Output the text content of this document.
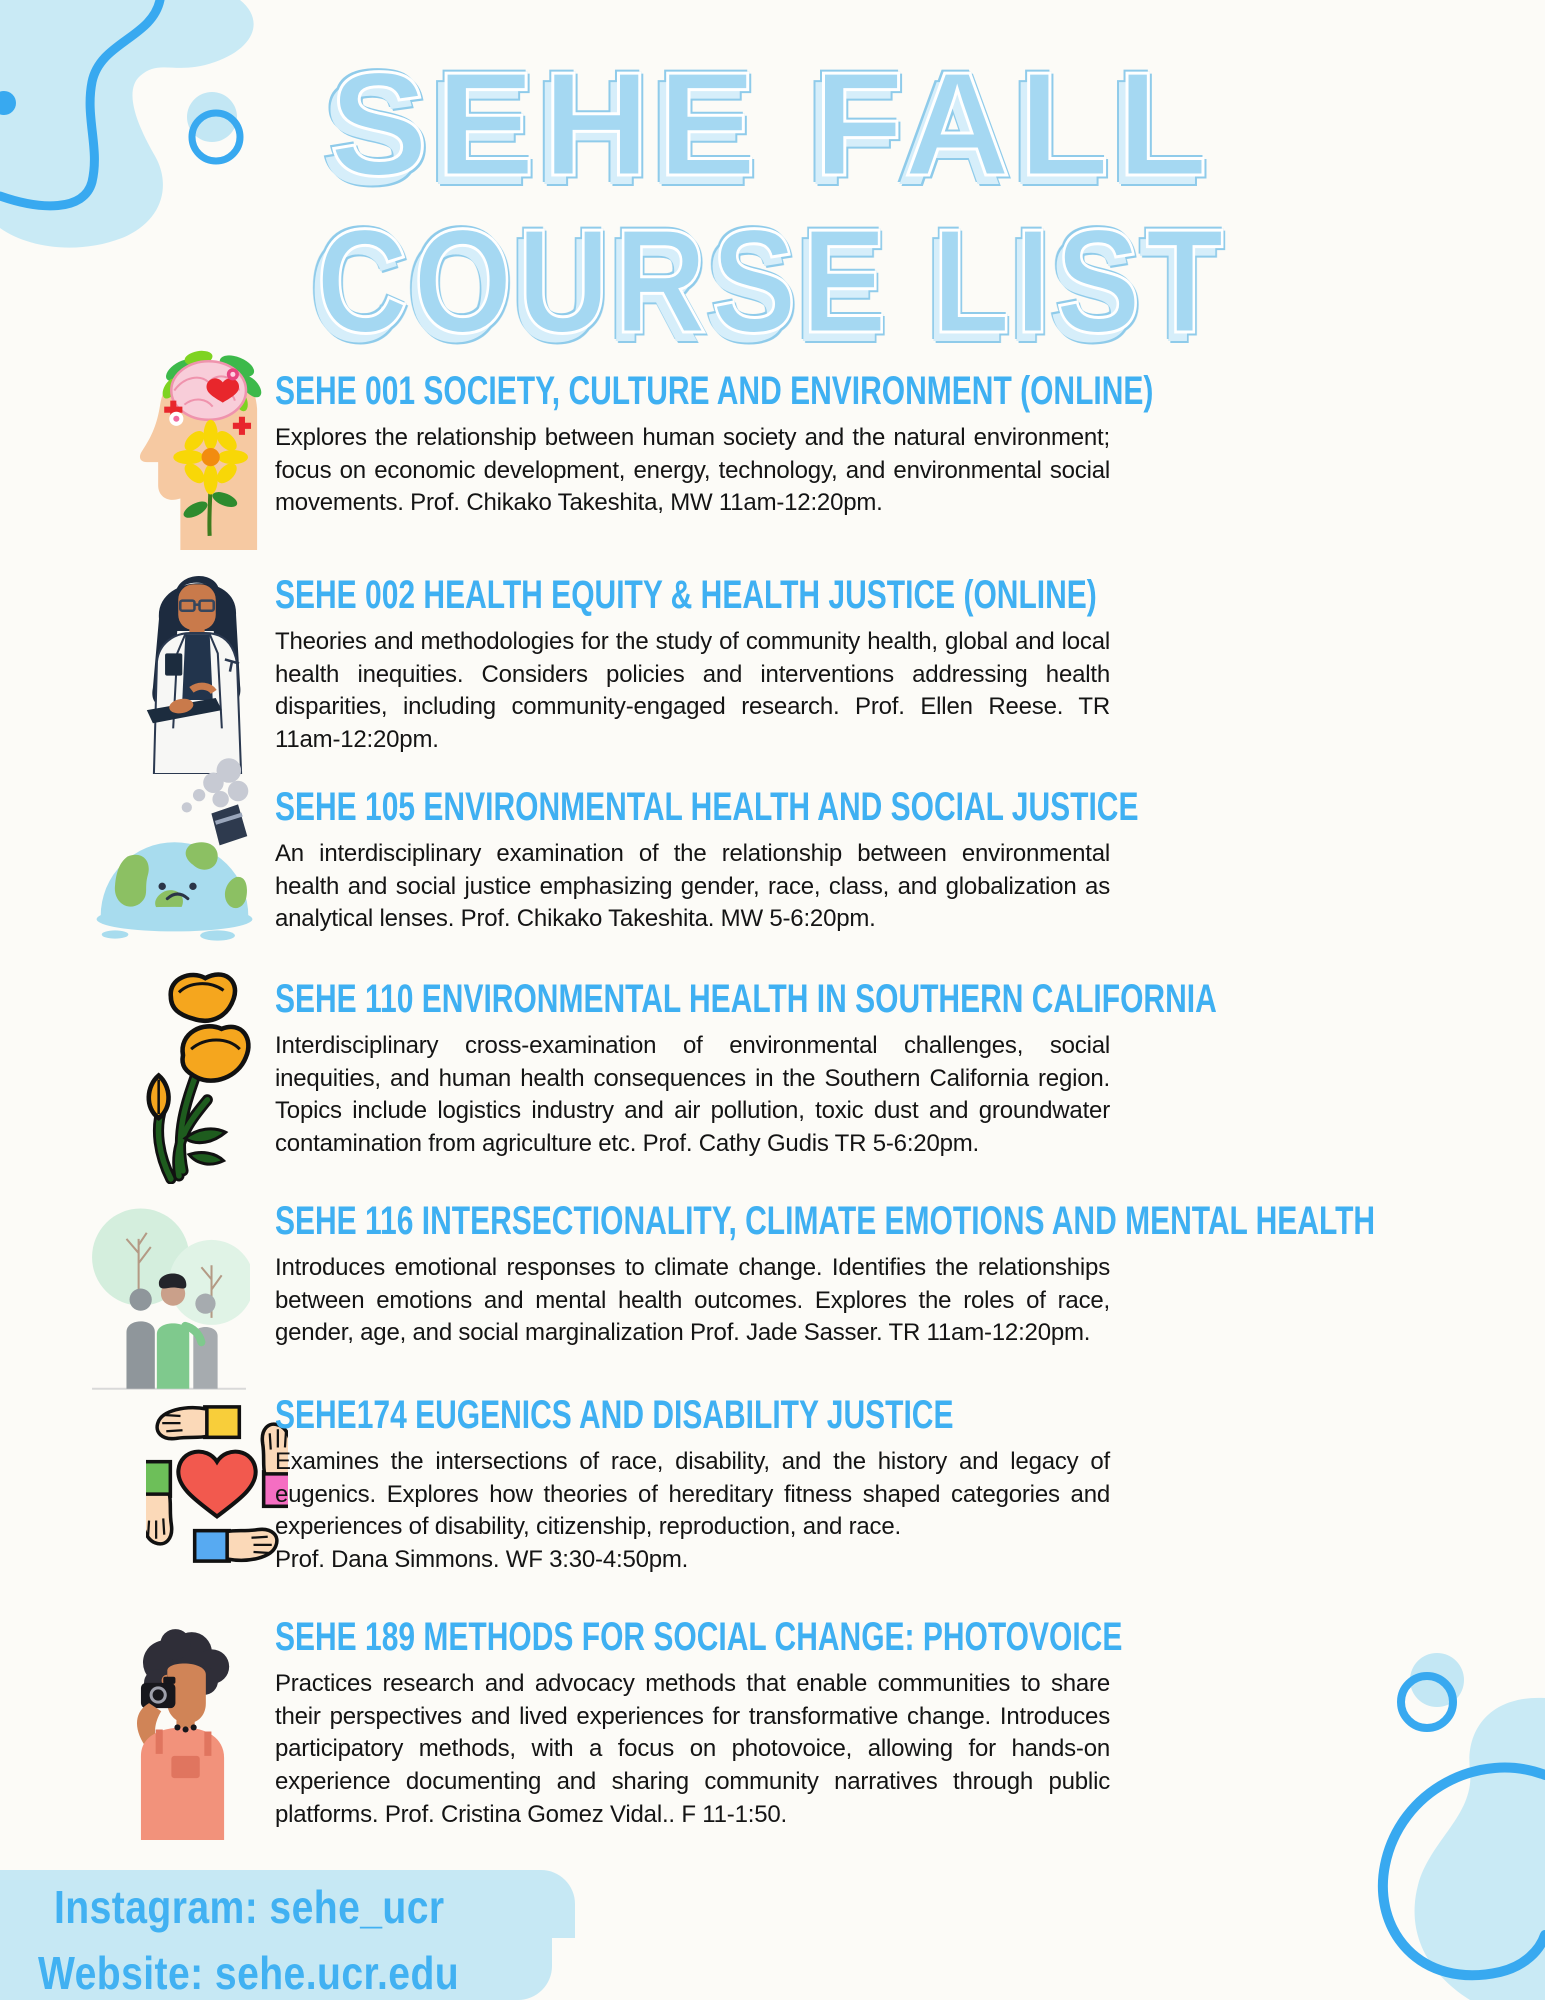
SEHE FALL
COURSE LIST
SEHE 001 SOCIETY, CULTURE AND ENVIRONMENT (ONLINE)

Explores the relationship between human society and the natural environment; focus on economic development, energy, technology, and environmental social movements. Prof. Chikako Takeshita, MW 11am-12:20pm.

SEHE 002 HEALTH EQUITY & HEALTH JUSTICE (ONLINE)

Theories and methodologies for the study of community health, global and local health inequities. Considers policies and interventions addressing health disparities, including community-engaged research. Prof. Ellen Reese. TR 11am-12:20pm.

SEHE 105 ENVIRONMENTAL HEALTH AND SOCIAL JUSTICE

An interdisciplinary examination of the relationship between environmental health and social justice emphasizing gender, race, class, and globalization as analytical lenses. Prof. Chikako Takeshita. MW 5-6:20pm.

SEHE 110 ENVIRONMENTAL HEALTH IN SOUTHERN CALIFORNIA

Interdisciplinary cross-examination of environmental challenges, social inequities, and human health consequences in the Southern California region. Topics include logistics industry and air pollution, toxic dust and groundwater contamination from agriculture etc. Prof. Cathy Gudis TR 5-6:20pm.

SEHE 116 INTERSECTIONALITY, CLIMATE EMOTIONS AND MENTAL HEALTH

Introduces emotional responses to climate change. Identifies the relationships between emotions and mental health outcomes. Explores the roles of race, gender, age, and social marginalization Prof. Jade Sasser. TR 11am-12:20pm.

SEHE174 EUGENICS AND DISABILITY JUSTICE

Examines the intersections of race, disability, and the history and legacy of eugenics. Explores how theories of hereditary fitness shaped categories and experiences of disability, citizenship, reproduction, and race.

Prof. Dana Simmons. WF 3:30-4:50pm.

SEHE 189 METHODS FOR SOCIAL CHANGE: PHOTOVOICE

Practices research and advocacy methods that enable communities to share their perspectives and lived experiences for transformative change. Introduces participatory methods, with a focus on photovoice, allowing for hands-on experience documenting and sharing community narratives through public platforms. Prof. Cristina Gomez Vidal.. F 11-1:50.

Instagram: sehe_ucr
Website: sehe.ucr.edu
